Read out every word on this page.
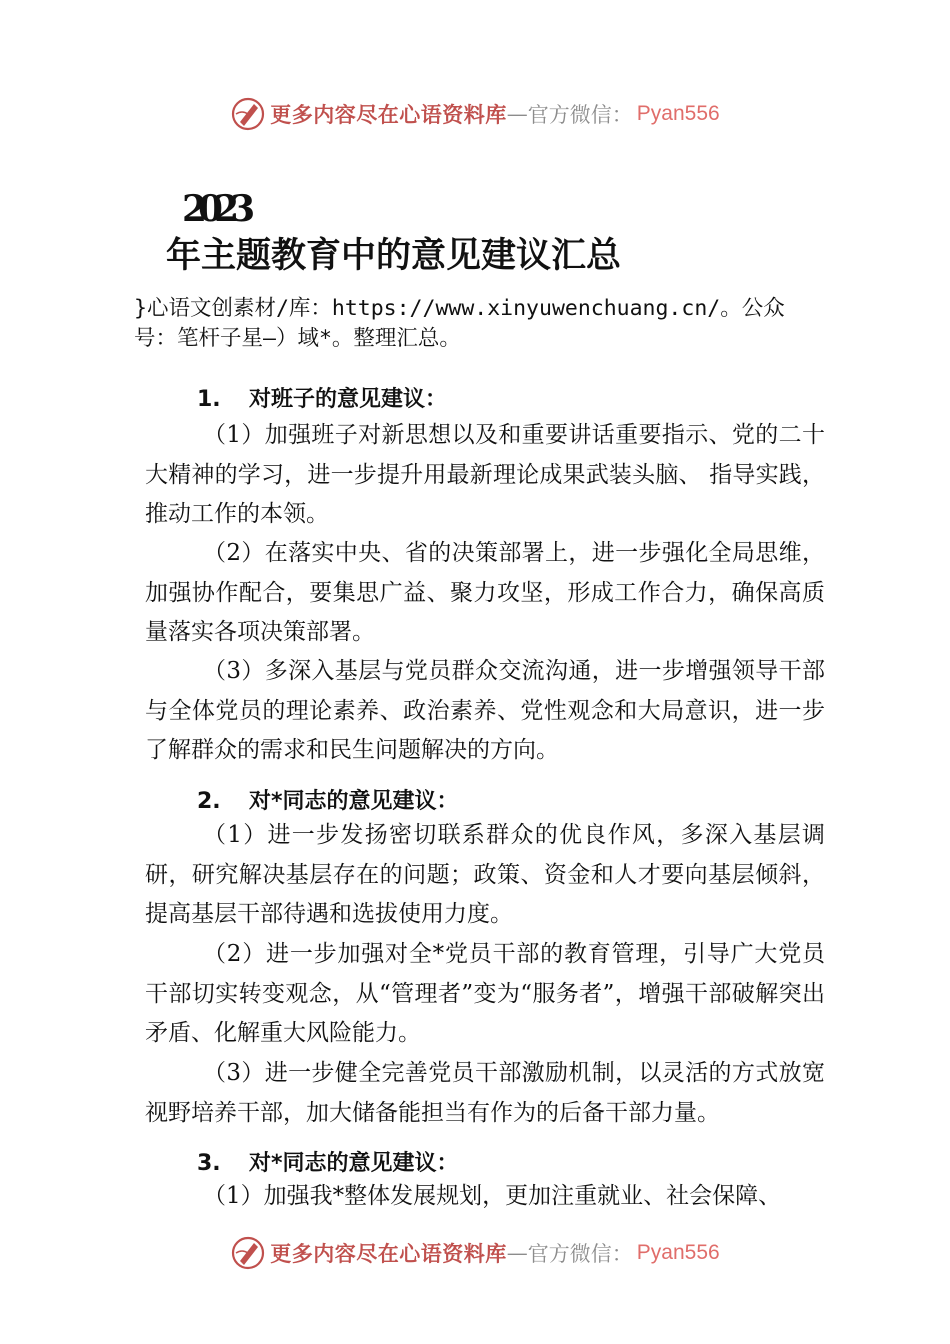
更多内容尽在心语资料库 — 官方微信： Pyan556
2023
年主题教育中的意见建议汇总
}心语文创素材/库：https://www.xinyuwenchuang.cn/。公众
号：笔杆子星—）域*。整理汇总。
1. 对班子的意见建议：
（1）加强班子对新思想以及和重要讲话重要指示、党的二十大精神的学习，进一步提升用最新理论成果武装头脑、 指导实践，推动工作的本领。
（2）在落实中央、省的决策部署上，进一步强化全局思维，加强协作配合，要集思广益、聚力攻坚，形成工作合力，确保高质量落实各项决策部署。
（3）多深入基层与党员群众交流沟通，进一步增强领导干部与全体党员的理论素养、政治素养、党性观念和大局意识，进一步了解群众的需求和民生问题解决的方向。
2. 对*同志的意见建议：
（1）进一步发扬密切联系群众的优良作风，多深入基层调研，研究解决基层存在的问题；政策、资金和人才要向基层倾斜，提高基层干部待遇和选拔使用力度。
（2）进一步加强对全*党员干部的教育管理，引导广大党员干部切实转变观念，从“管理者”变为“服务者”，增强干部破解突出矛盾、化解重大风险能力。
（3）进一步健全完善党员干部激励机制，以灵活的方式放宽视野培养干部，加大储备能担当有作为的后备干部力量。
3. 对*同志的意见建议：
（1）加强我*整体发展规划，更加注重就业、社会保障、
更多内容尽在心语资料库 — 官方微信： Pyan556
